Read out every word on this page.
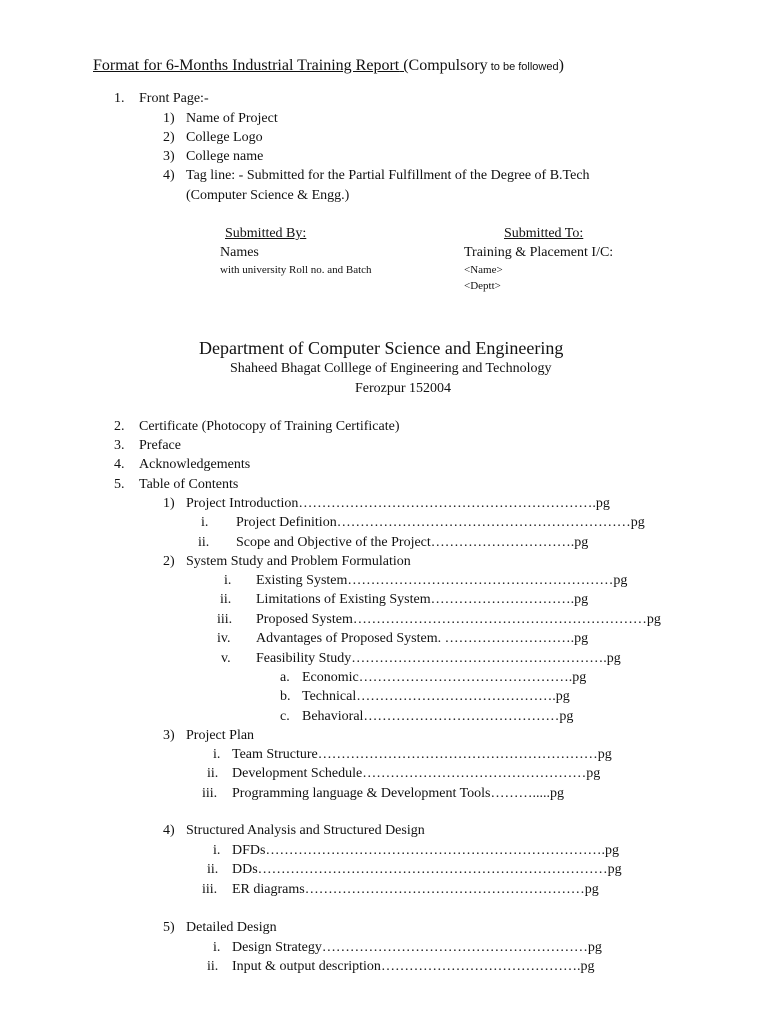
Format for 6-Months Industrial Training Report (Compulsory to be followed)
1. Front Page:-
1) Name of Project
2) College Logo
3) College name
4) Tag line: - Submitted for the Partial Fulfillment of the Degree of B.Tech
(Computer Science & Engg.)
Submitted By:
Names
with university Roll no. and Batch
Submitted To:
Training & Placement I/C:
<Name>
<Deptt>
Department of Computer Science and Engineering
Shaheed Bhagat Colllege of Engineering and Technology
Ferozpur 152004
2. Certificate (Photocopy of Training Certificate)
3. Preface
4. Acknowledgements
5. Table of Contents
1) Project Introduction……………………………………………………….pg
i. Project Definition………………………………………………………pg
ii. Scope and Objective of the Project………………………….pg
2) System Study and Problem Formulation
i. Existing System…………………………………………………pg
ii. Limitations of Existing System………………………….pg
iii. Proposed System………………………………………………………pg
iv. Advantages of Proposed System. ……………………….pg
v. Feasibility Study……………………………………………….pg
a. Economic……………………………………….pg
b. Technical…………………………………….pg
c. Behavioral……………………………………pg
3) Project Plan
i. Team Structure……………………………………………………pg
ii. Development Schedule…………………………………………pg
iii. Programming language & Development Tools……….....pg
4) Structured Analysis and Structured Design
i. DFDs……………………………………………………………….pg
ii. DDs…………………………………………………………………pg
iii. ER diagrams……………………………………………………pg
5) Detailed Design
i. Design Strategy…………………………………………………pg
ii. Input & output description…………………………………….pg
